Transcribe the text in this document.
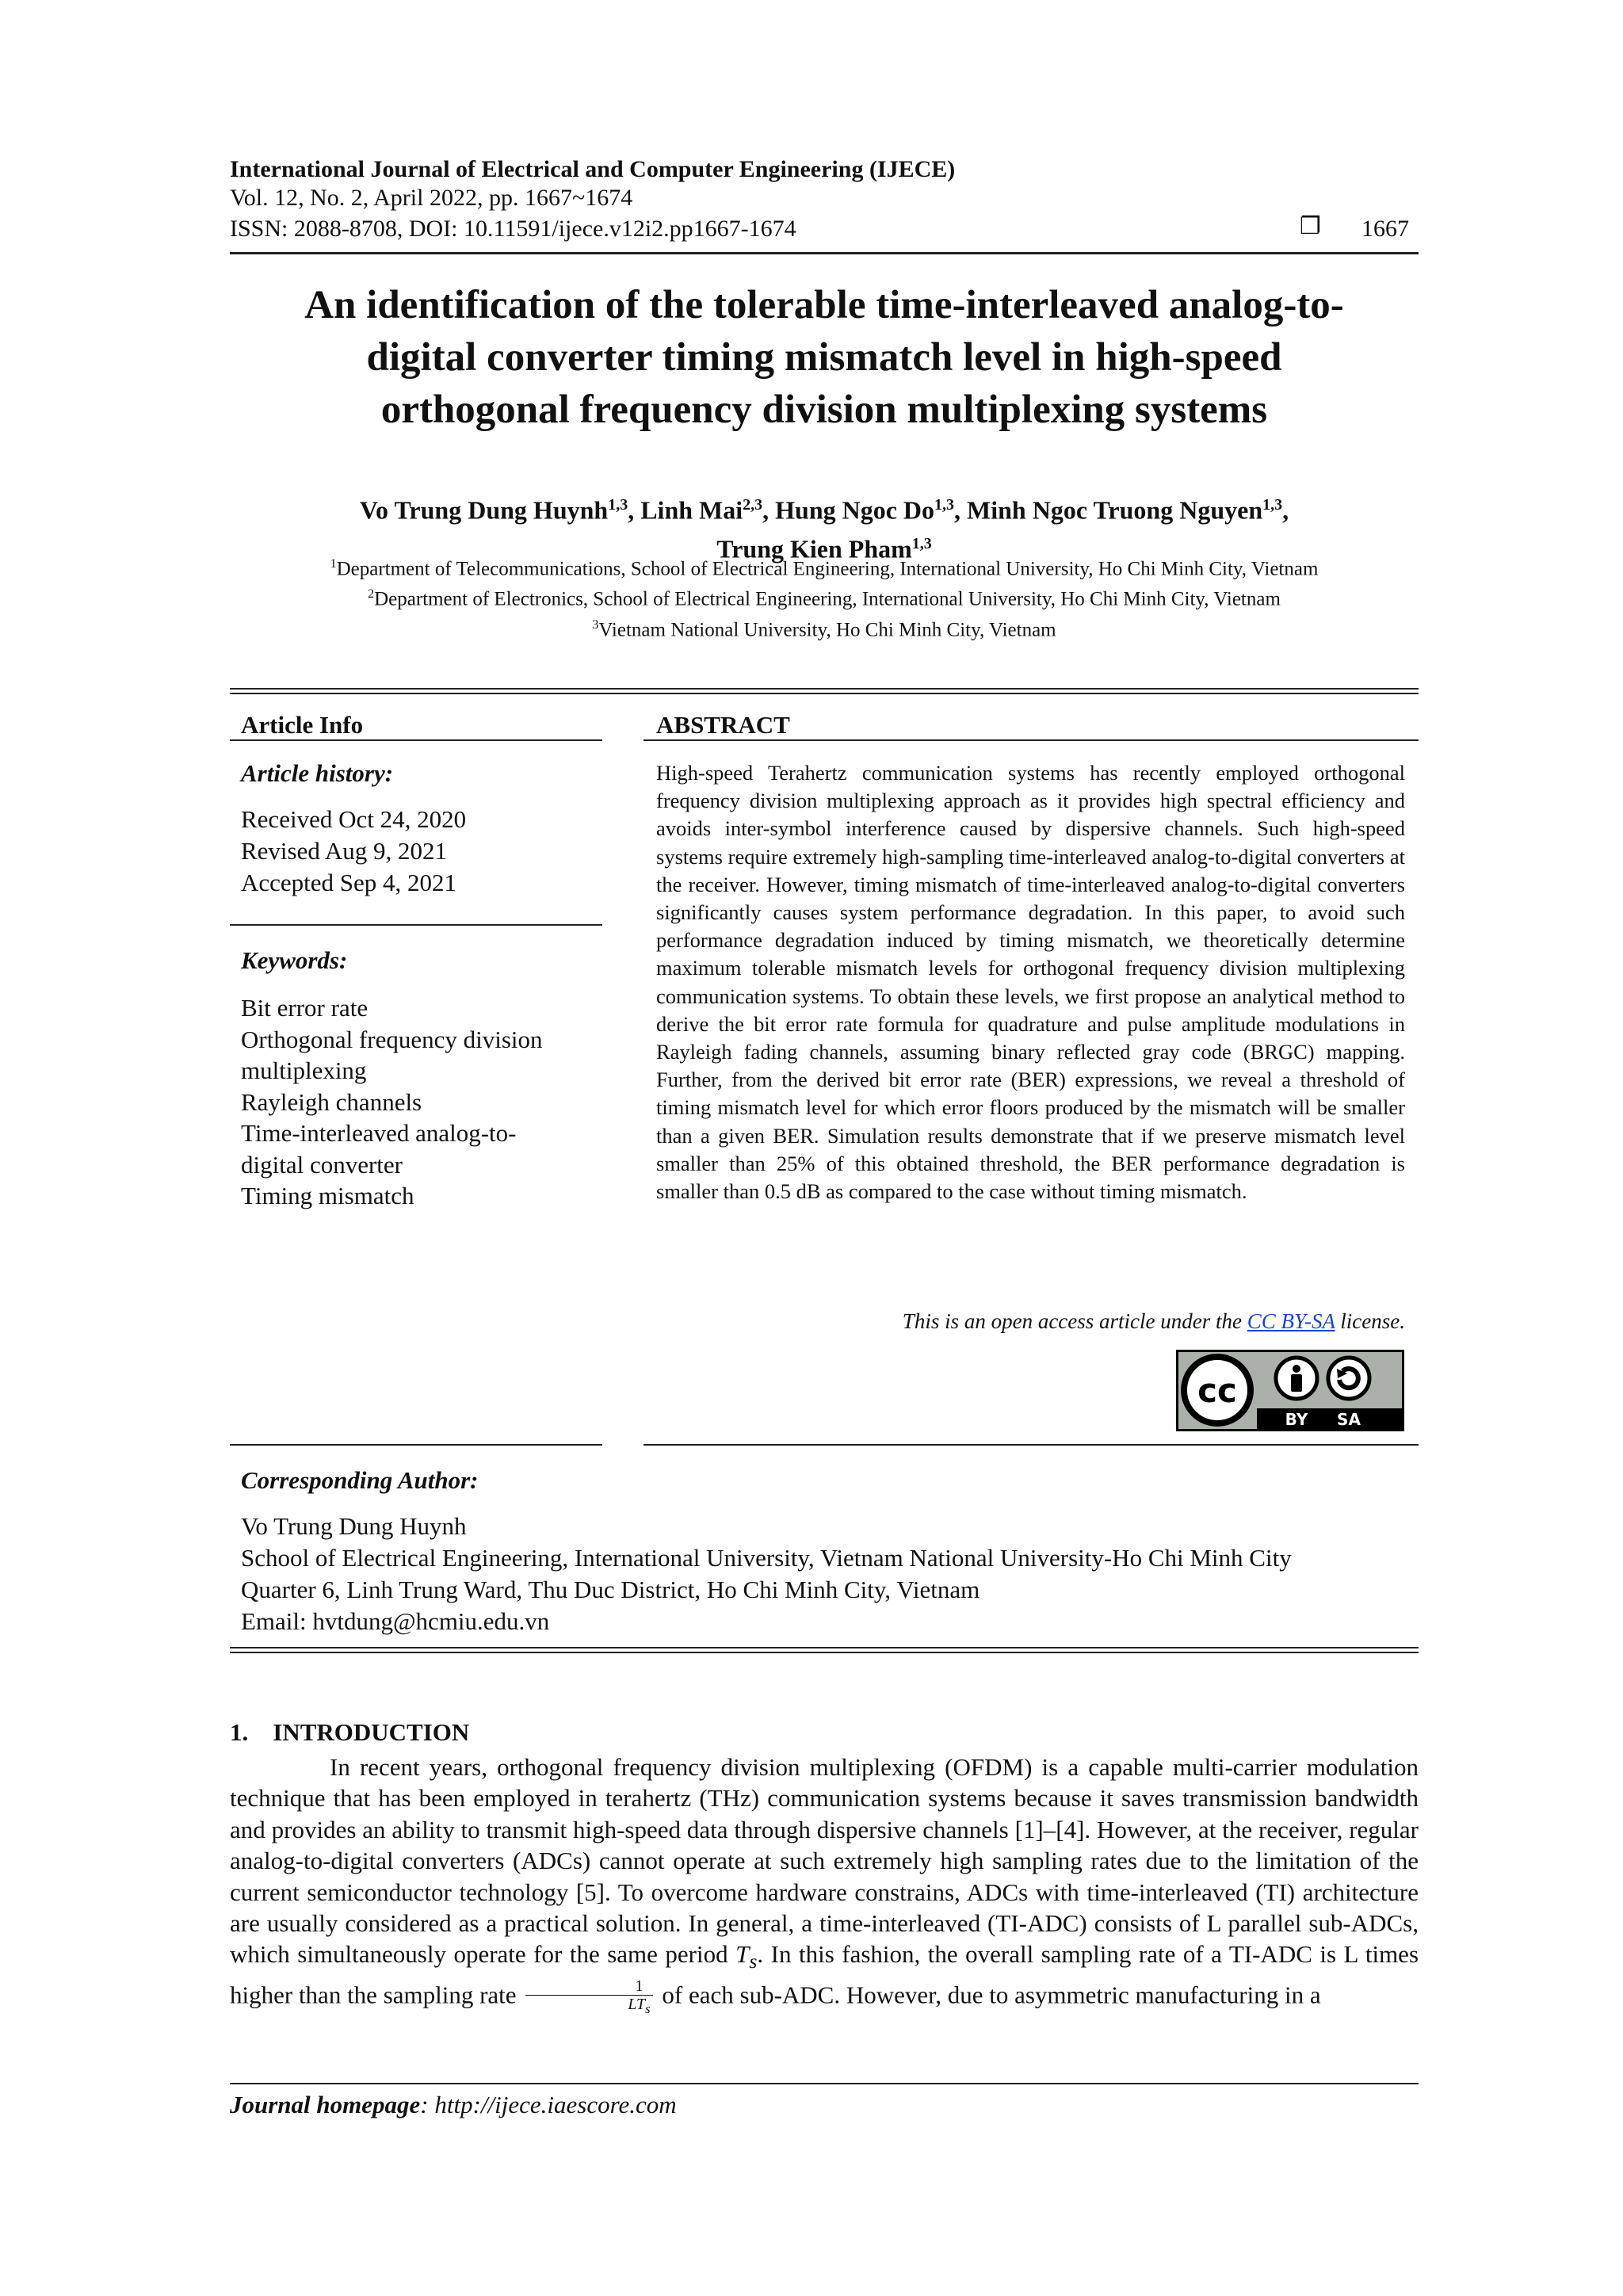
International Journal of Electrical and Computer Engineering (IJECE)
Vol. 12, No. 2, April 2022, pp. 1667~1674
ISSN: 2088-8708, DOI: 10.11591/ijece.v12i2.pp1667-1674	❐ 1667
An identification of the tolerable time-interleaved analog-to-
digital converter timing mismatch level in high-speed
orthogonal frequency division multiplexing systems
Vo Trung Dung Huynh$^{1,3}$, Linh Mai$^{2,3}$, Hung Ngoc Do$^{1,3}$, Minh Ngoc Truong Nguyen$^{1,3}$,
Trung Kien Pham$^{1,3}$
$^1$Department of Telecommunications, School of Electrical Engineering, International University, Ho Chi Minh City, Vietnam
$^2$Department of Electronics, School of Electrical Engineering, International University, Ho Chi Minh City, Vietnam
$^3$Vietnam National University, Ho Chi Minh City, Vietnam
Article Info
Article history:
Received Oct 24, 2020
Revised Aug 9, 2021
Accepted Sep 4, 2021
Keywords:
Bit error rate
Orthogonal frequency division
multiplexing
Rayleigh channels
Time-interleaved analog-to-
digital converter
Timing mismatch
ABSTRACT
High-speed Terahertz communication systems has recently employed orthogonal frequency division multiplexing approach as it provides high spectral efficiency and avoids inter-symbol interference caused by dispersive channels. Such high-speed systems require extremely high-sampling time-interleaved analog-to-digital converters at the receiver. However, timing mismatch of time-interleaved analog-to-digital converters significantly causes system performance degradation. In this paper, to avoid such performance degradation induced by timing mismatch, we theoretically determine maximum tolerable mismatch levels for orthogonal frequency division multiplexing communication systems. To obtain these levels, we first propose an analytical method to derive the bit error rate formula for quadrature and pulse amplitude modulations in Rayleigh fading channels, assuming binary reflected gray code (BRGC) mapping. Further, from the derived bit error rate (BER) expressions, we reveal a threshold of timing mismatch level for which error floors produced by the mismatch will be smaller than a given BER. Simulation results demonstrate that if we preserve mismatch level smaller than 25% of this obtained threshold, the BER performance degradation is smaller than 0.5 dB as compared to the case without timing mismatch.
This is an open access article under the CC BY-SA license.
cc
BY SA
Corresponding Author:
Vo Trung Dung Huynh
School of Electrical Engineering, International University, Vietnam National University-Ho Chi Minh City
Quarter 6, Linh Trung Ward, Thu Duc District, Ho Chi Minh City, Vietnam
Email: hvtdung@hcmiu.edu.vn
1. INTRODUCTION

In recent years, orthogonal frequency division multiplexing (OFDM) is a capable multi-carrier modulation technique that has been employed in terahertz (THz) communication systems because it saves transmission bandwidth and provides an ability to transmit high-speed data through dispersive channels [1]–[4]. However, at the receiver, regular analog-to-digital converters (ADCs) cannot operate at such extremely high sampling rates due to the limitation of the current semiconductor technology [5]. To overcome hardware constrains, ADCs with time-interleaved (TI) architecture are usually considered as a practical solution. In general, a time-interleaved (TI-ADC) consists of L parallel sub-ADCs, which simultaneously operate for the same period $T_s$. In this fashion, the overall sampling rate of a TI-ADC is L times higher than the sampling rate $\frac{1}{LT_s}$ of each sub-ADC. However, due to asymmetric manufacturing in a

Journal homepage: http://ijece.iaescore.com
